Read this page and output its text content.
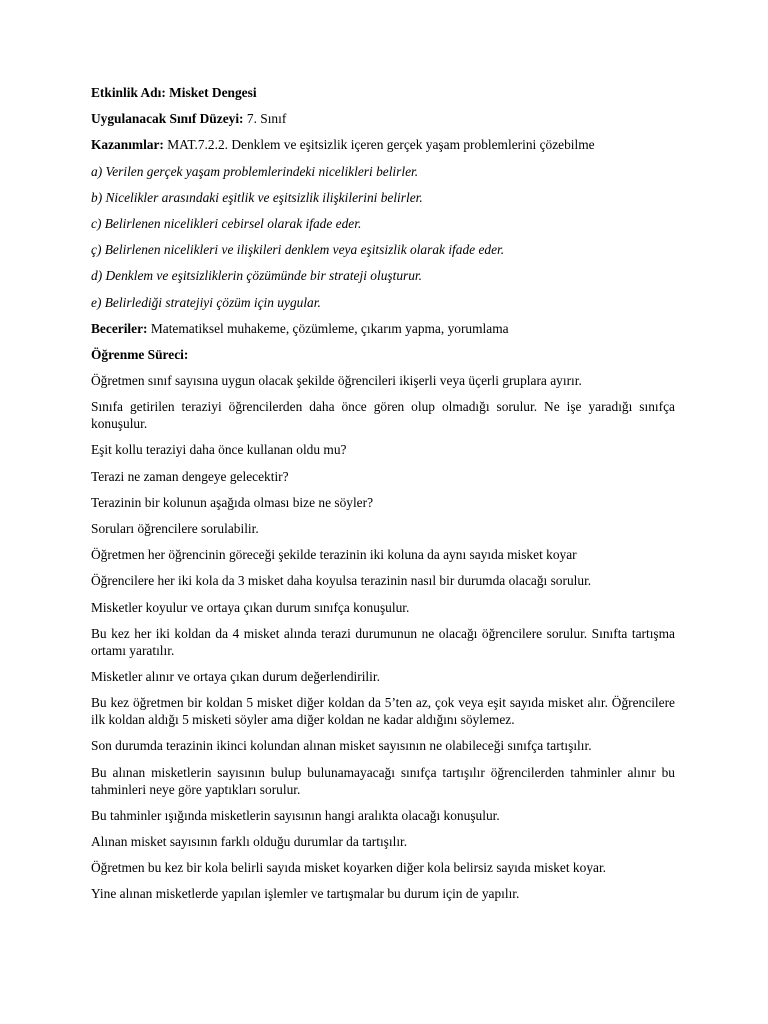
Etkinlik Adı: Misket Dengesi

Uygulanacak Sınıf Düzeyi: 7. Sınıf

Kazanımlar: MAT.7.2.2. Denklem ve eşitsizlik içeren gerçek yaşam problemlerini çözebilme

a) Verilen gerçek yaşam problemlerindeki nicelikleri belirler.

b) Nicelikler arasındaki eşitlik ve eşitsizlik ilişkilerini belirler.

c) Belirlenen nicelikleri cebirsel olarak ifade eder.

ç) Belirlenen nicelikleri ve ilişkileri denklem veya eşitsizlik olarak ifade eder.

d) Denklem ve eşitsizliklerin çözümünde bir strateji oluşturur.

e) Belirlediği stratejiyi çözüm için uygular.

Beceriler: Matematiksel muhakeme, çözümleme, çıkarım yapma, yorumlama

Öğrenme Süreci:

Öğretmen sınıf sayısına uygun olacak şekilde öğrencileri ikişerli veya üçerli gruplara ayırır.

Sınıfa getirilen teraziyi öğrencilerden daha önce gören olup olmadığı sorulur. Ne işe yaradığı sınıfça konuşulur.

Eşit kollu teraziyi daha önce kullanan oldu mu?

Terazi ne zaman dengeye gelecektir?

Terazinin bir kolunun aşağıda olması bize ne söyler?

Soruları öğrencilere sorulabilir.

Öğretmen her öğrencinin göreceği şekilde terazinin iki koluna da aynı sayıda misket koyar

Öğrencilere her iki kola da 3 misket daha koyulsa terazinin nasıl bir durumda olacağı sorulur.

Misketler koyulur ve ortaya çıkan durum sınıfça konuşulur.

Bu kez her iki koldan da 4 misket alında terazi durumunun ne olacağı öğrencilere sorulur. Sınıfta tartışma ortamı yaratılır.

Misketler alınır ve ortaya çıkan durum değerlendirilir.

Bu kez öğretmen bir koldan 5 misket diğer koldan da 5’ten az, çok veya eşit sayıda misket alır. Öğrencilere ilk koldan aldığı 5 misketi söyler ama diğer koldan ne kadar aldığını söylemez.

Son durumda terazinin ikinci kolundan alınan misket sayısının ne olabileceği sınıfça tartışılır.

Bu alınan misketlerin sayısının bulup bulunamayacağı sınıfça tartışılır öğrencilerden tahminler alınır bu tahminleri neye göre yaptıkları sorulur.

Bu tahminler ışığında misketlerin sayısının hangi aralıkta olacağı konuşulur.

Alınan misket sayısının farklı olduğu durumlar da tartışılır.

Öğretmen bu kez bir kola belirli sayıda misket koyarken diğer kola belirsiz sayıda misket koyar.

Yine alınan misketlerde yapılan işlemler ve tartışmalar bu durum için de yapılır.
